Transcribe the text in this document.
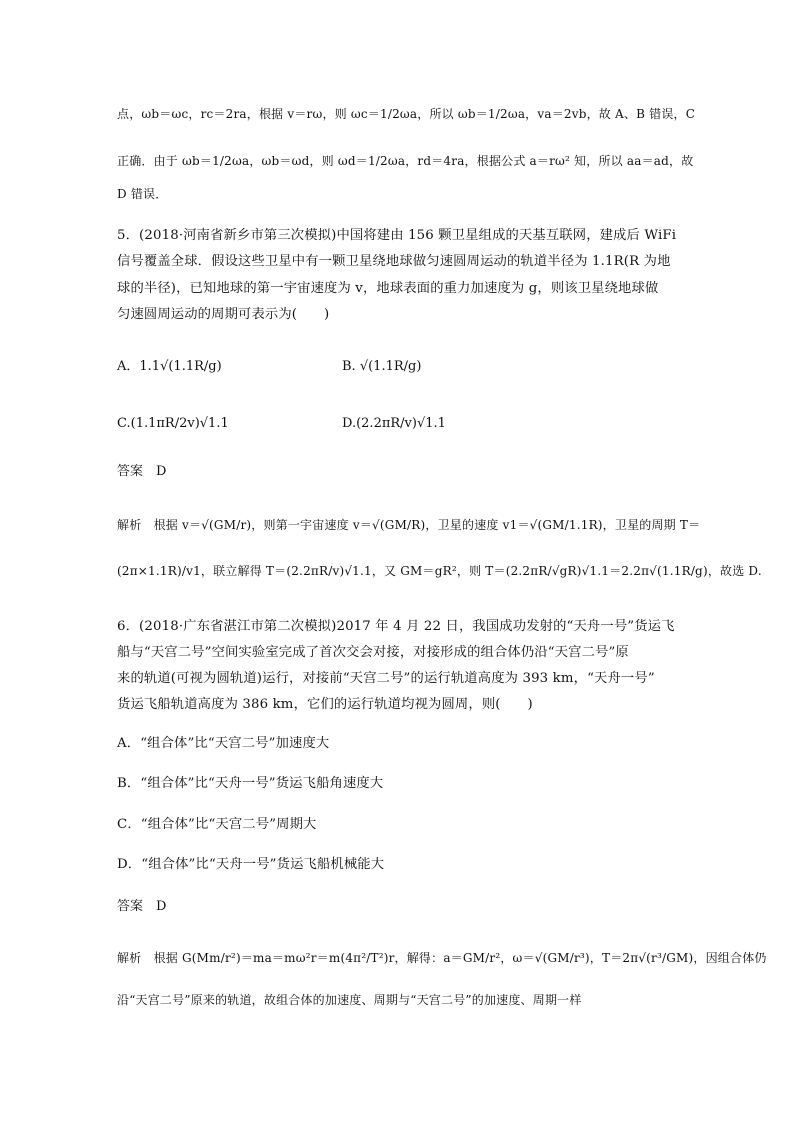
点，ωb＝ωc，rc＝2ra，根据 v＝rω，则 ωc＝1/2ωa，所以 ωb＝1/2ωa，va＝2vb，故 A、B 错误，C
正确．由于 ωb＝1/2ωa，ωb＝ωd，则 ωd＝1/2ωa，rd＝4ra，根据公式 a＝rω² 知，所以 aa＝ad，故
D 错误．
5．(2018·河南省新乡市第三次模拟)中国将建由 156 颗卫星组成的天基互联网，建成后 WiFi
信号覆盖全球．假设这些卫星中有一颗卫星绕地球做匀速圆周运动的轨道半径为 1.1R(R 为地
球的半径)，已知地球的第一宇宙速度为 v，地球表面的重力加速度为 g，则该卫星绕地球做
匀速圆周运动的周期可表示为(　　)
A．1.1√(1.1R/g)	B. √(1.1R/g)
C.(1.1πR/2v)√1.1	D.(2.2πR/v)√1.1
答案　D
解析　根据 v＝√(GM/r)，则第一宇宙速度 v＝√(GM/R)，卫星的速度 v1＝√(GM/1.1R)，卫星的周期 T＝
(2π×1.1R)/v1，联立解得 T＝(2.2πR/v)√1.1，又 GM＝gR²，则 T＝(2.2πR/√gR)√1.1＝2.2π√(1.1R/g)，故选 D.
6．(2018·广东省湛江市第二次模拟)2017 年 4 月 22 日，我国成功发射的“天舟一号”货运飞
船与“天宫二号”空间实验室完成了首次交会对接，对接形成的组合体仍沿“天宫二号”原
来的轨道(可视为圆轨道)运行，对接前“天宫二号”的运行轨道高度为 393 km，“天舟一号”
货运飞船轨道高度为 386 km，它们的运行轨道均视为圆周，则(　　)
A．“组合体”比“天宫二号”加速度大
B．“组合体”比“天舟一号”货运飞船角速度大
C．“组合体”比“天宫二号”周期大
D．“组合体”比“天舟一号”货运飞船机械能大
答案　D
解析　根据 G(Mm/r²)＝ma＝mω²r＝m(4π²/T²)r，解得：a＝GM/r²，ω＝√(GM/r³)，T＝2π√(r³/GM)，因组合体仍
沿“天宫二号”原来的轨道，故组合体的加速度、周期与“天宫二号”的加速度、周期一样
